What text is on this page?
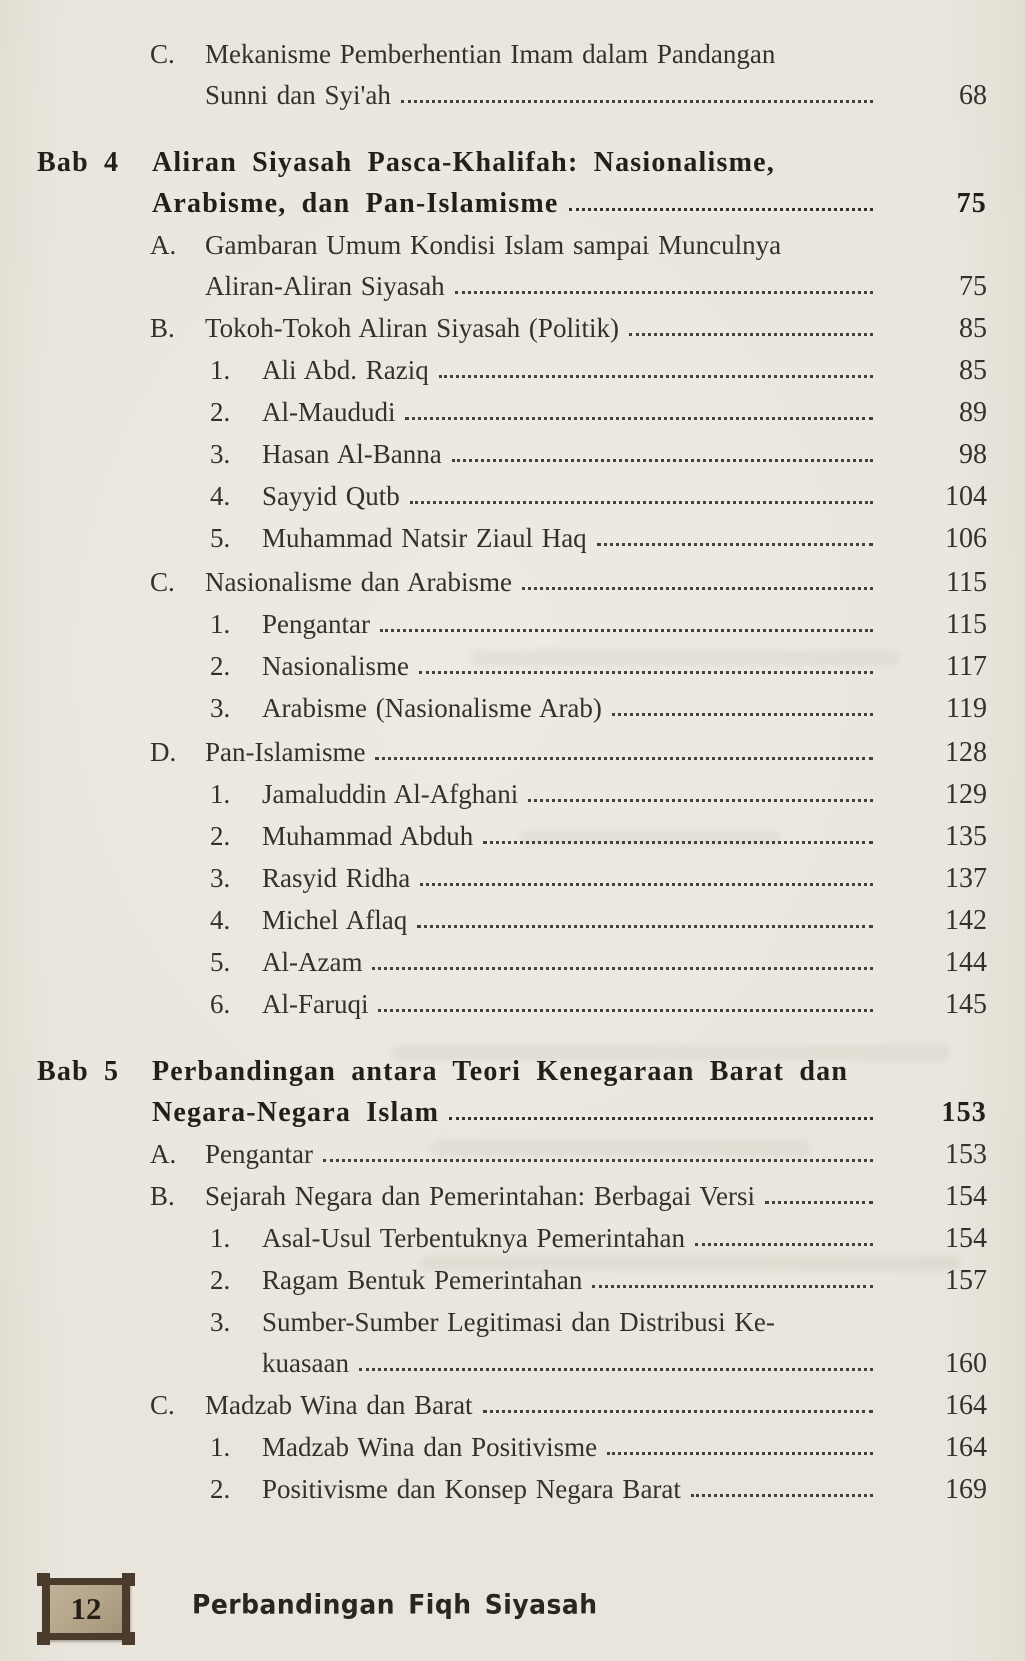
C.	Mekanisme Pemberhentian Imam dalam Pandangan
Sunni dan Syi'ah	68
Bab 4	Aliran Siyasah Pasca-Khalifah: Nasionalisme,
Arabisme, dan Pan-Islamisme	75
A.	Gambaran Umum Kondisi Islam sampai Munculnya
Aliran-Aliran Siyasah	75
B.	Tokoh-Tokoh Aliran Siyasah (Politik)	85
1.	Ali Abd. Raziq	85
2.	Al-Maududi	89
3.	Hasan Al-Banna	98
4.	Sayyid Qutb	104
5.	Muhammad Natsir Ziaul Haq	106
C.	Nasionalisme dan Arabisme	115
1.	Pengantar	115
2.	Nasionalisme	117
3.	Arabisme (Nasionalisme Arab)	119
D.	Pan-Islamisme	128
1.	Jamaluddin Al-Afghani	129
2.	Muhammad Abduh	135
3.	Rasyid Ridha	137
4.	Michel Aflaq	142
5.	Al-Azam	144
6.	Al-Faruqi	145
Bab 5	Perbandingan antara Teori Kenegaraan Barat dan
Negara-Negara Islam	153
A.	Pengantar	153
B.	Sejarah Negara dan Pemerintahan: Berbagai Versi	154
1.	Asal-Usul Terbentuknya Pemerintahan	154
2.	Ragam Bentuk Pemerintahan	157
3.	Sumber-Sumber Legitimasi dan Distribusi Ke-
kuasaan	160
C.	Madzab Wina dan Barat	164
1.	Madzab Wina dan Positivisme	164
2.	Positivisme dan Konsep Negara Barat	169
12	Perbandingan Fiqh Siyasah
